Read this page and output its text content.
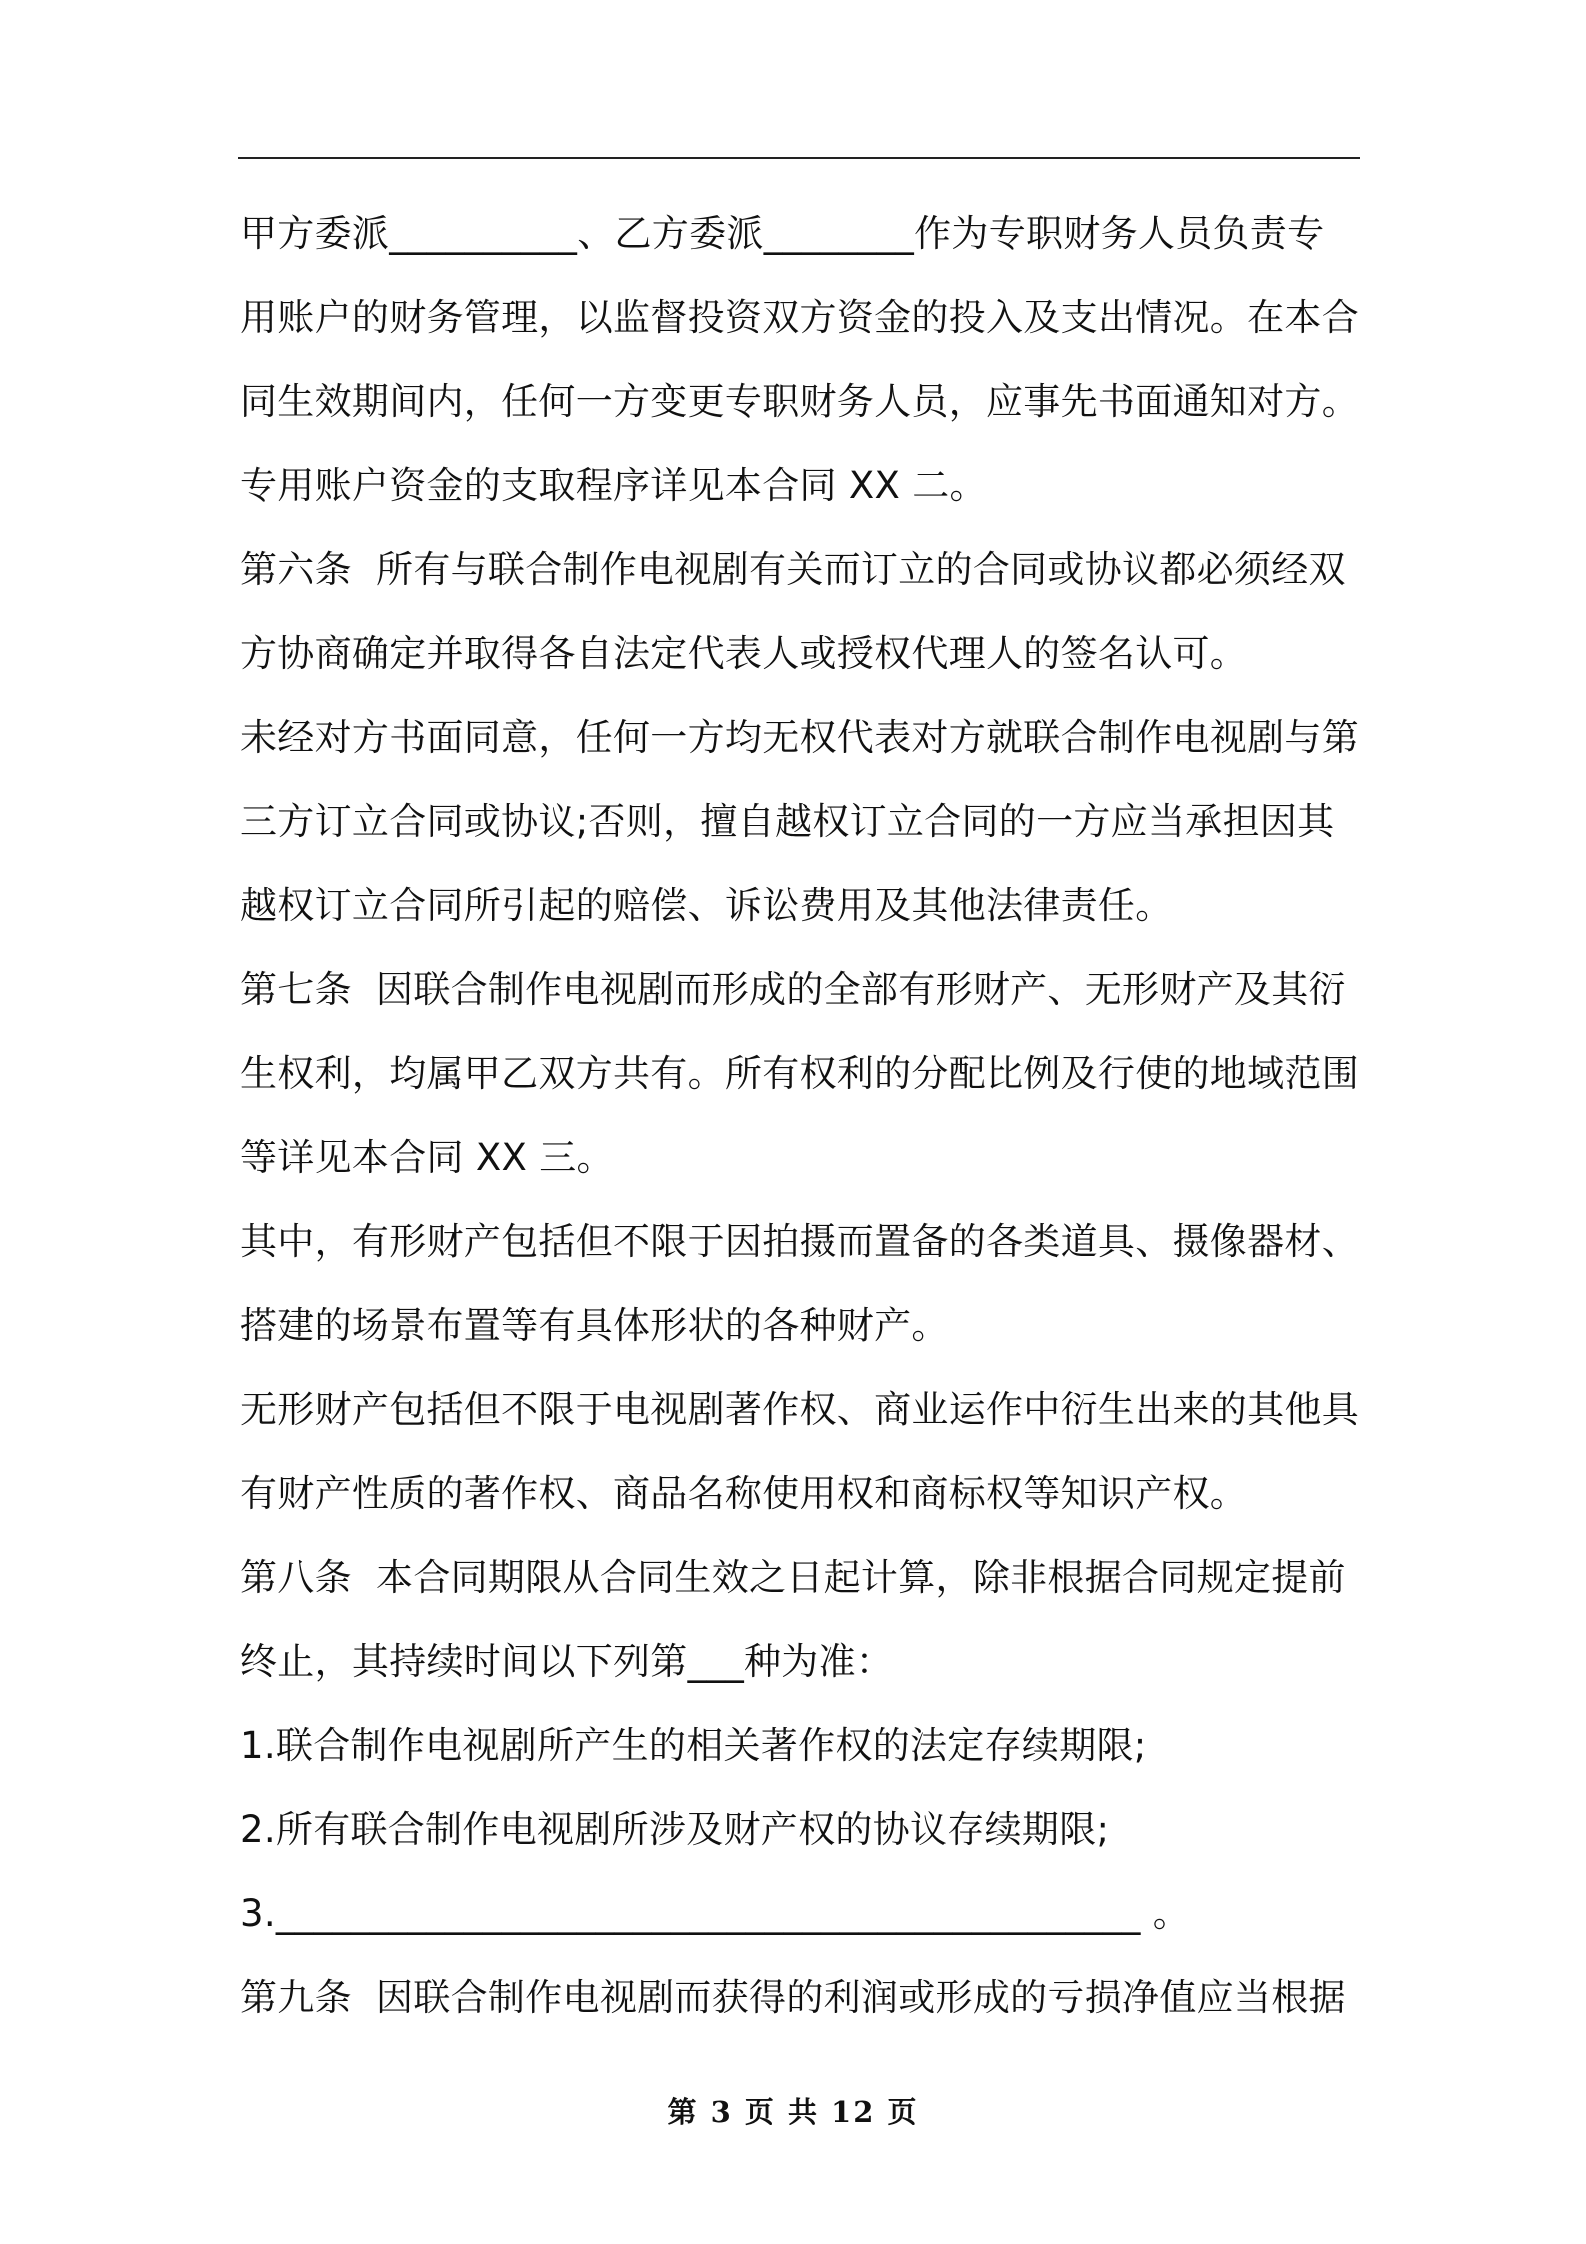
甲方委派__________、乙方委派________作为专职财务人员负责专
用账户的财务管理，以监督投资双方资金的投入及支出情况。在本合
同生效期间内，任何一方变更专职财务人员，应事先书面通知对方。
专用账户资金的支取程序详见本合同 XX 二。
第六条  所有与联合制作电视剧有关而订立的合同或协议都必须经双
方协商确定并取得各自法定代表人或授权代理人的签名认可。
未经对方书面同意，任何一方均无权代表对方就联合制作电视剧与第
三方订立合同或协议;否则，擅自越权订立合同的一方应当承担因其
越权订立合同所引起的赔偿、诉讼费用及其他法律责任。
第七条  因联合制作电视剧而形成的全部有形财产、无形财产及其衍
生权利，均属甲乙双方共有。所有权利的分配比例及行使的地域范围
等详见本合同 XX 三。
其中，有形财产包括但不限于因拍摄而置备的各类道具、摄像器材、
搭建的场景布置等有具体形状的各种财产。
无形财产包括但不限于电视剧著作权、商业运作中衍生出来的其他具
有财产性质的著作权、商品名称使用权和商标权等知识产权。
第八条  本合同期限从合同生效之日起计算，除非根据合同规定提前
终止，其持续时间以下列第___种为准：
1.联合制作电视剧所产生的相关著作权的法定存续期限;
2.所有联合制作电视剧所涉及财产权的协议存续期限;
3.______________________________________________ 。
第九条  因联合制作电视剧而获得的利润或形成的亏损净值应当根据
第 3 页 共 12 页
